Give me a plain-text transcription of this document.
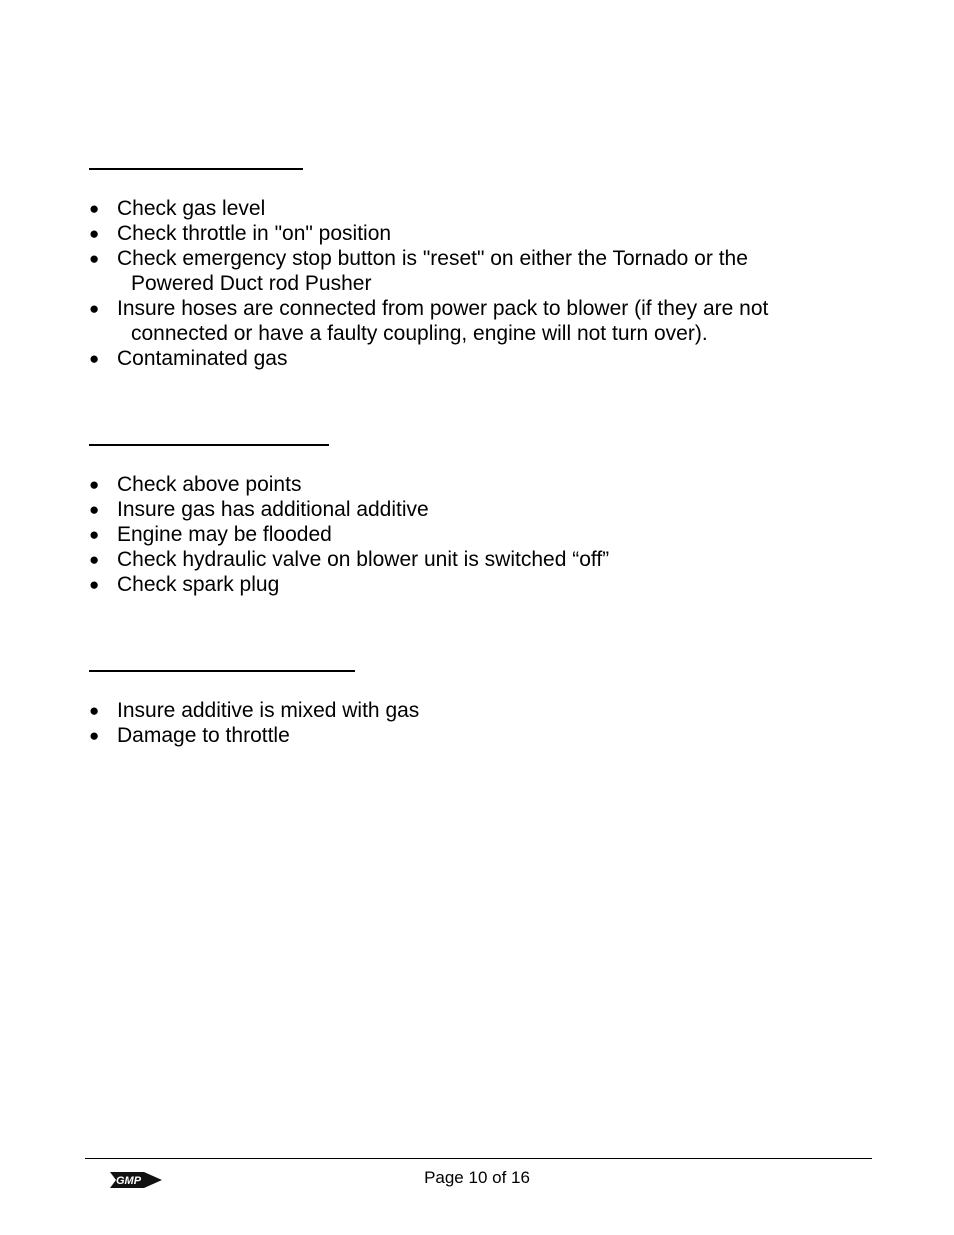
● Check gas level
● Check throttle in "on" position
● Check emergency stop button is "reset" on either the Tornado or the
Powered Duct rod Pusher
● Insure hoses are connected from power pack to blower (if they are not
connected or have a faulty coupling, engine will not turn over).
● Contaminated gas
● Check above points
● Insure gas has additional additive
● Engine may be flooded
● Check hydraulic valve on blower unit is switched “off”
● Check spark plug
● Insure additive is mixed with gas
● Damage to throttle
GMP	Page 10 of 16
